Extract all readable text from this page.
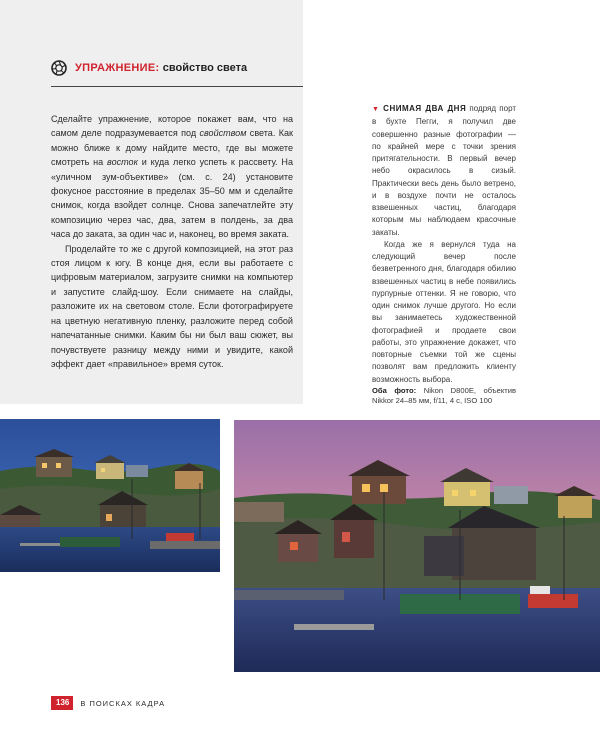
УПРАЖНЕНИЕ: свойство света

Сделайте упражнение, которое покажет вам, что на самом деле подразумевается под свойством света. Как можно ближе к дому найдите место, где вы можете смотреть на восток и куда легко успеть к рассвету. На «уличном зум-объективе» (см. с. 24) установите фокусное расстояние в пределах 35–50 мм и сделайте снимок, когда взойдет солнце. Снова запечатлейте эту композицию через час, два, затем в полдень, за два часа до заката, за один час и, наконец, во время заката.

Проделайте то же с другой композицией, на этот раз стоя лицом к югу. В конце дня, если вы работаете с цифровым материалом, загрузите снимки на компьютер и запустите слайд-шоу. Если снимаете на слайды, разложите их на световом столе. Если фотографируете на цветную негативную пленку, разложите перед собой напечатанные снимки. Каким бы ни был ваш сюжет, вы почувствуете разницу между ними и увидите, какой эффект дает «правильное» время суток.

▼ СНИМАЯ ДВА ДНЯ подряд порт в бухте Пегги, я получил две совершенно разные фотографии — по крайней мере с точки зрения притягательности. В первый вечер небо окрасилось в сизый. Практически весь день было ветрено, и в воздухе почти не осталось взвешенных частиц, благодаря которым мы наблюдаем красочные закаты.

Когда же я вернулся туда на следующий вечер после безветренного дня, благодаря обилию взвешенных частиц в небе появились пурпурные оттенки. Я не говорю, что один снимок лучше другого. Но если вы занимаетесь художественной фотографией и продаете свои работы, это упражнение докажет, что повторные съемки той же сцены позволят вам предложить клиенту возможность выбора.

Оба фото: Nikon D800E, объектив Nikkor 24–85 мм, f/11, 4 с, ISO 100

136	В ПОИСКАХ КАДРА
